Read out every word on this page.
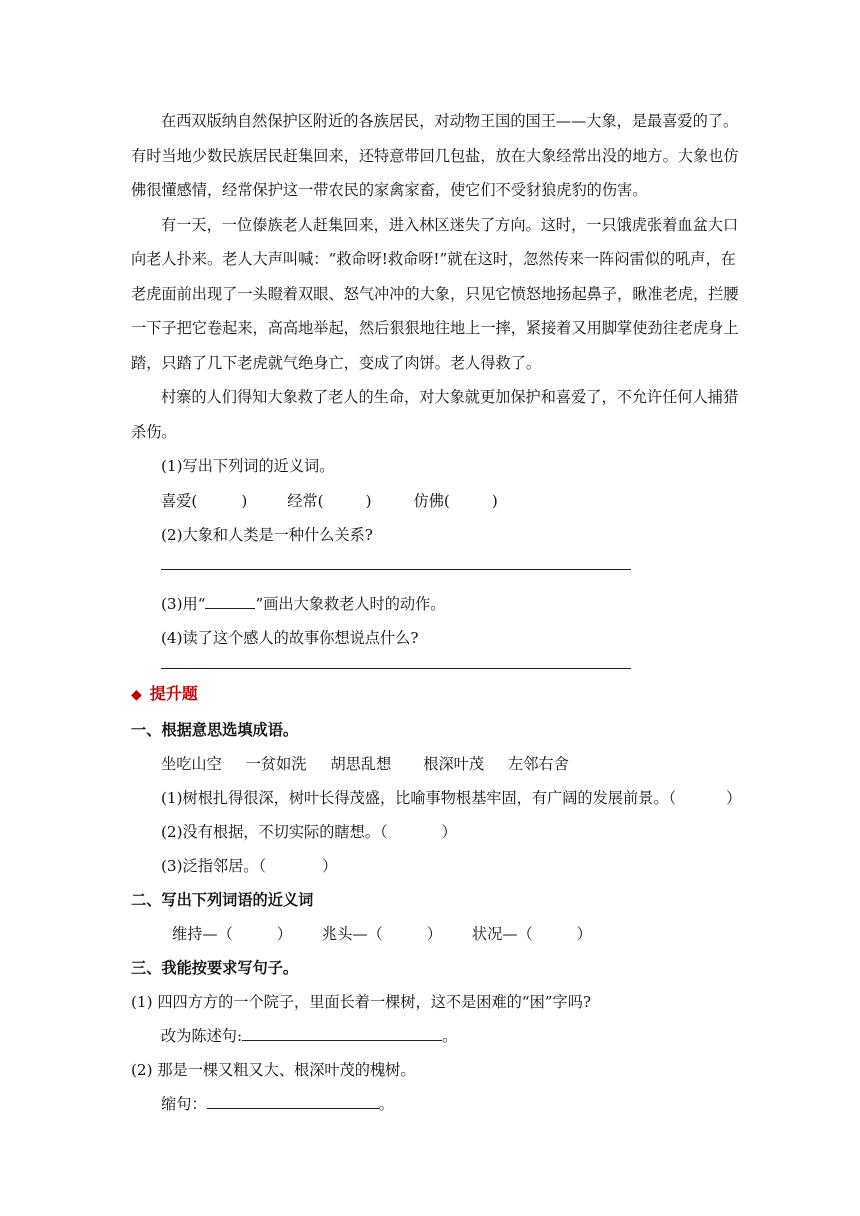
在西双版纳自然保护区附近的各族居民，对动物王国的国王——大象，是最喜爱的了。
有时当地少数民族居民赶集回来，还特意带回几包盐，放在大象经常出没的地方。大象也仿
佛很懂感情，经常保护这一带农民的家禽家畜，使它们不受豺狼虎豹的伤害。
有一天，一位傣族老人赶集回来，进入林区迷失了方向。这时，一只饿虎张着血盆大口
向老人扑来。老人大声叫喊：“救命呀!救命呀!”就在这时，忽然传来一阵闷雷似的吼声，在
老虎面前出现了一头瞪着双眼、怒气冲冲的大象，只见它愤怒地扬起鼻子，瞅准老虎，拦腰
一下子把它卷起来，高高地举起，然后狠狠地往地上一摔，紧接着又用脚掌使劲往老虎身上
踏，只踏了几下老虎就气绝身亡，变成了肉饼。老人得救了。
村寨的人们得知大象救了老人的生命，对大象就更加保护和喜爱了，不允许任何人捕猎
杀伤。
(1)写出下列词的近义词。
喜爱(	)	经常(	)	仿佛(	)
(2)大象和人类是一种什么关系?
(3)用“	”画出大象救老人时的动作。
(4)读了这个感人的故事你想说点什么?
◆ 提升题
一、根据意思选填成语。
坐吃山空 一贫如洗 胡思乱想 根深叶茂 左邻右舍
(1)树根扎得很深，树叶长得茂盛，比喻事物根基牢固，有广阔的发展前景。（	）
(2)没有根据，不切实际的瞎想。（	）
(3)泛指邻居。（	）
二、写出下列词语的近义词
维持—（	） 兆头—（	） 状况—（	）
三、我能按要求写句子。
(1) 四四方方的一个院子，里面长着一棵树，这不是困难的“困”字吗?
改为陈述句:	。
(2) 那是一棵又粗又大、根深叶茂的槐树。
缩句：	。
